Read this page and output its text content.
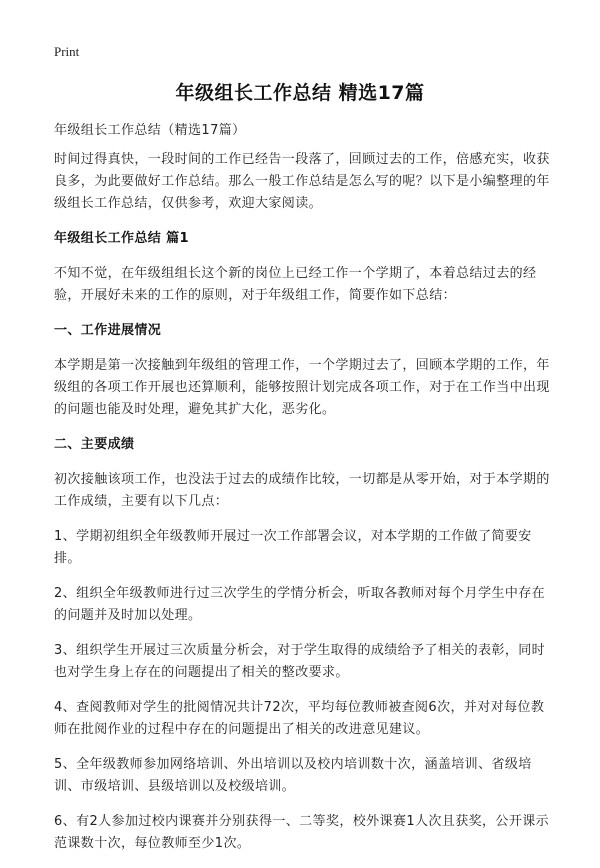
Print
年级组长工作总结 精选17篇

年级组长工作总结（精选17篇）

时间过得真快，一段时间的工作已经告一段落了，回顾过去的工作，倍感充实，收获良多，为此要做好工作总结。那么一般工作总结是怎么写的呢？以下是小编整理的年级组长工作总结，仅供参考，欢迎大家阅读。

年级组长工作总结 篇1

不知不觉，在年级组组长这个新的岗位上已经工作一个学期了，本着总结过去的经验，开展好未来的工作的原则，对于年级组工作，简要作如下总结：

一、工作进展情况

本学期是第一次接触到年级组的管理工作，一个学期过去了，回顾本学期的工作，年级组的各项工作开展也还算顺利，能够按照计划完成各项工作，对于在工作当中出现的问题也能及时处理，避免其扩大化，恶劣化。

二、主要成绩

初次接触该项工作，也没法于过去的成绩作比较，一切都是从零开始，对于本学期的工作成绩，主要有以下几点：

1、学期初组织全年级教师开展过一次工作部署会议，对本学期的工作做了简要安排。

2、组织全年级教师进行过三次学生的学情分析会，听取各教师对每个月学生中存在的问题并及时加以处理。

3、组织学生开展过三次质量分析会，对于学生取得的成绩给予了相关的表彰，同时也对学生身上存在的问题提出了相关的整改要求。

4、查阅教师对学生的批阅情况共计72次，平均每位教师被查阅6次，并对对每位教师在批阅作业的过程中存在的问题提出了相关的改进意见建议。

5、全年级教师参加网络培训、外出培训以及校内培训数十次，涵盖培训、省级培训、市级培训、县级培训以及校级培训。

6、有2人参加过校内课赛并分别获得一、二等奖，校外课赛1人次且获奖，公开课示范课数十次，每位教师至少1次。
